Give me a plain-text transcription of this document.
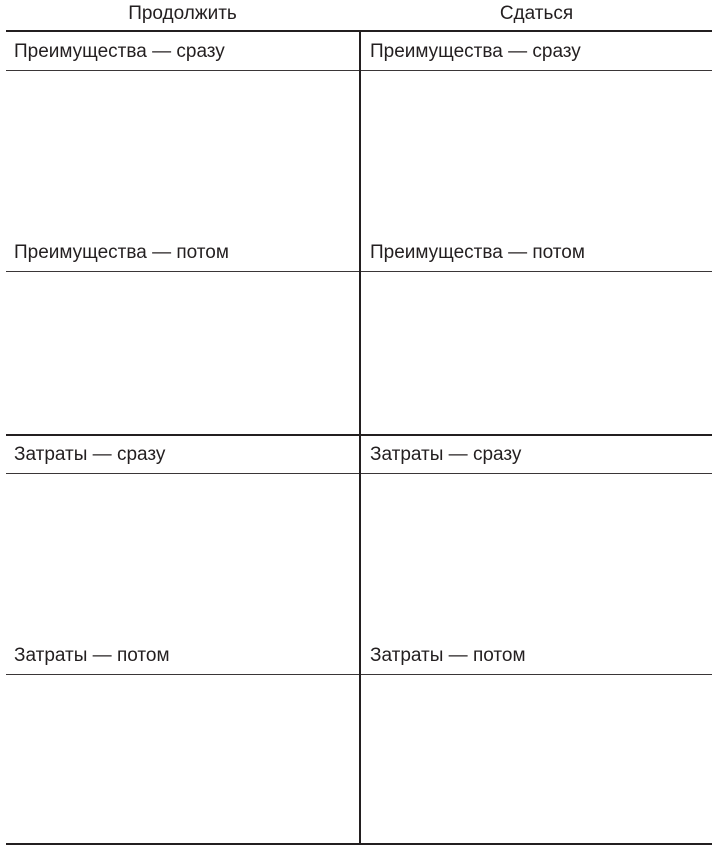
Продолжить	Сдаться
Преимущества — сразу
Преимущества — потом
Затраты — сразу
Затраты — потом
Преимущества — сразу
Преимущества — потом
Затраты — сразу
Затраты — потом
